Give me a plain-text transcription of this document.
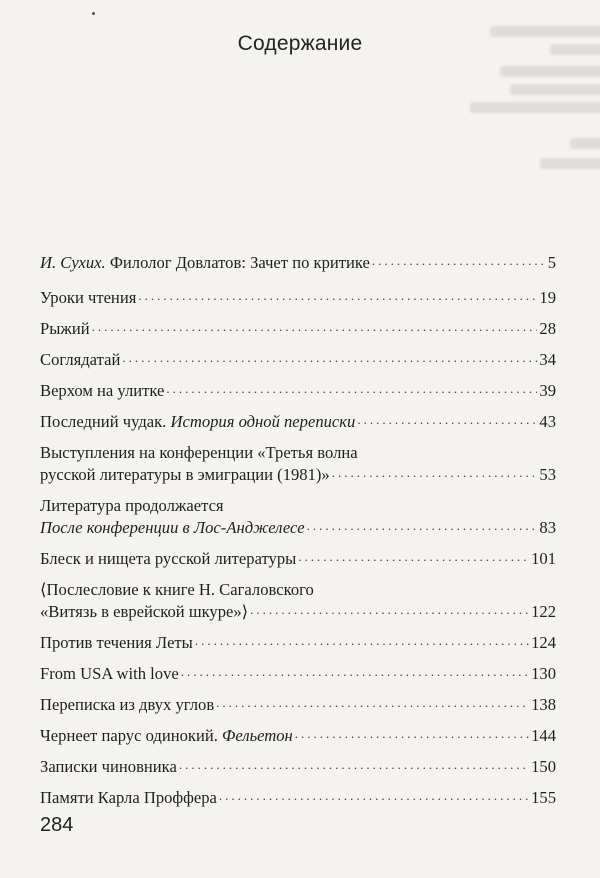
Содержание
И. Сухих. Филолог Довлатов: Зачет по критике .....	5
Уроки чтения .....	19
Рыжий .....	28
Соглядатай .....	34
Верхом на улитке .....	39
Последний чудак. История одной переписки .....	43
Выступления на конференции «Третья волна
русской литературы в эмиграции (1981)» .....	53
Литература продолжается
После конференции в Лос-Анджелесе .....	83
Блеск и нищета русской литературы .....	101
⟨Послесловие к книге Н. Сагаловского
«Витязь в еврейской шкуре»⟩ .....	122
Против течения Леты .....	124
From USA with love .....	130
Переписка из двух углов .....	138
Чернеет парус одинокий. Фельетон .....	144
Записки чиновника .....	150
Памяти Карла Проффера .....	155
284
